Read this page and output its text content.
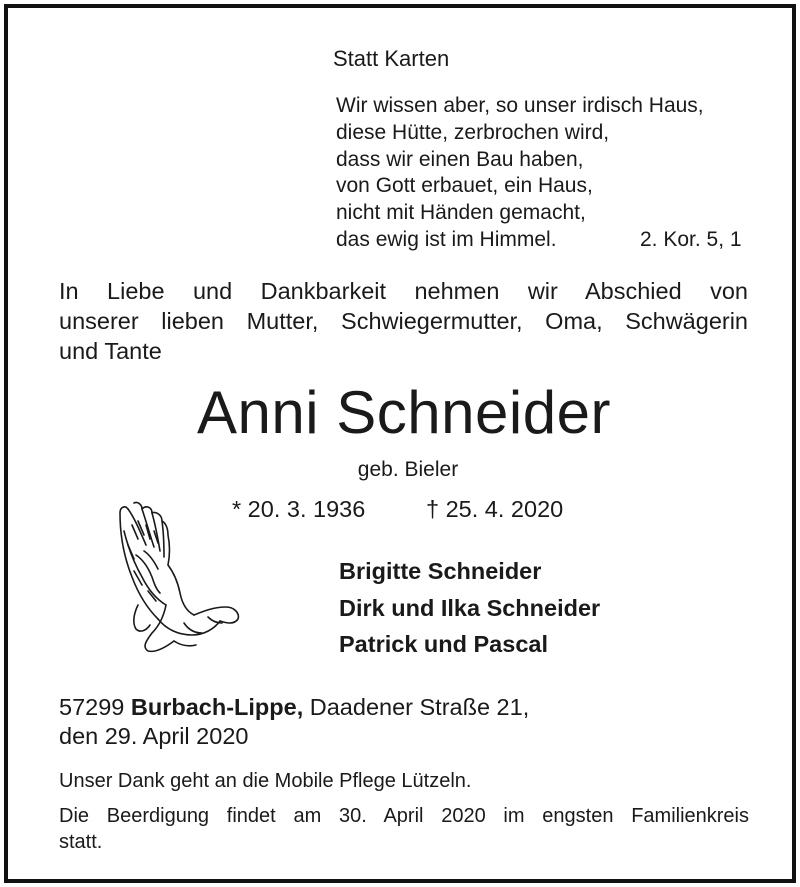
Statt Karten
Wir wissen aber, so unser irdisch Haus,
diese Hütte, zerbrochen wird,
dass wir einen Bau haben,
von Gott erbauet, ein Haus,
nicht mit Händen gemacht,
das ewig ist im Himmel.	2. Kor. 5, 1
In Liebe und Dankbarkeit nehmen wir Abschied von
unserer lieben Mutter, Schwiegermutter, Oma, Schwägerin
und Tante
Anni Schneider
geb. Bieler
* 20. 3. 1936	† 25. 4. 2020
Brigitte Schneider
Dirk und Ilka Schneider
Patrick und Pascal
57299 Burbach-Lippe, Daadener Straße 21,
den 29. April 2020
Unser Dank geht an die Mobile Pflege Lützeln.
Die Beerdigung findet am 30. April 2020 im engsten Familienkreis
statt.
